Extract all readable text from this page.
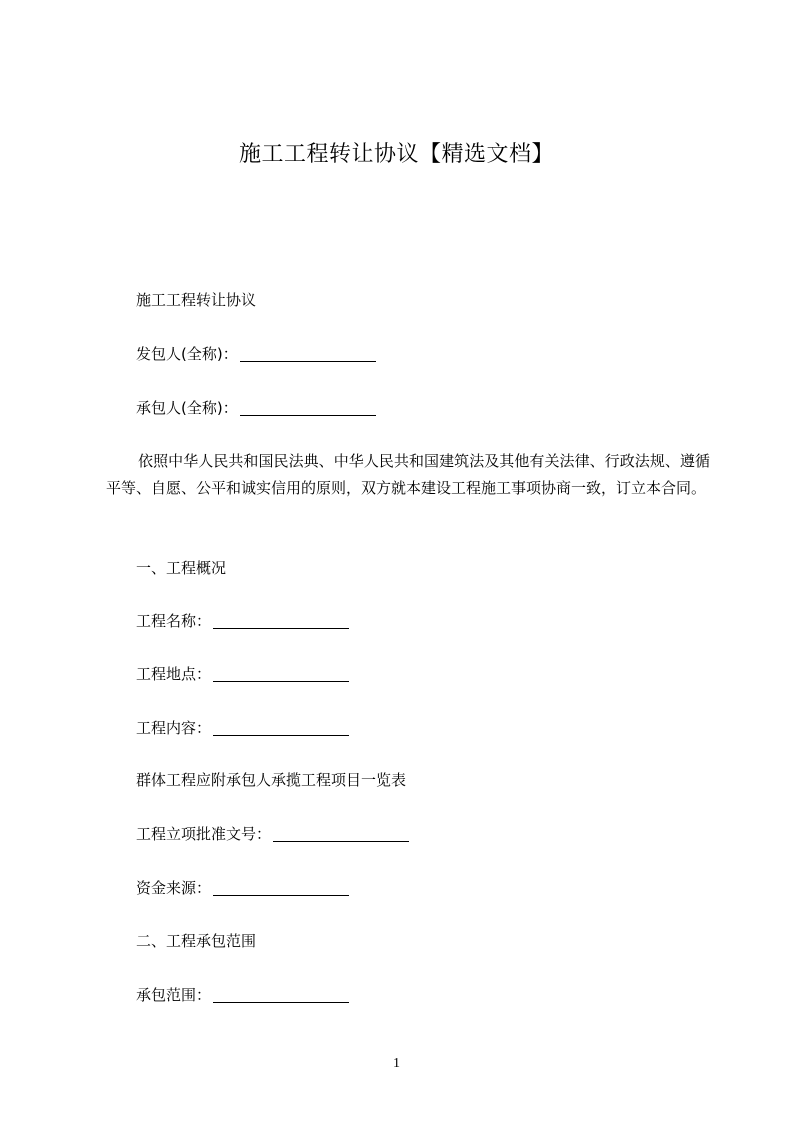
施工工程转让协议【精选文档】
施工工程转让协议
发包人(全称)：
承包人(全称)：
依照中华人民共和国民法典、中华人民共和国建筑法及其他有关法律、行政法规、遵循平等、自愿、公平和诚实信用的原则，双方就本建设工程施工事项协商一致，订立本合同。
一、工程概况
工程名称：
工程地点：
工程内容：
群体工程应附承包人承揽工程项目一览表
工程立项批准文号：
资金来源：
二、工程承包范围
承包范围：
1
